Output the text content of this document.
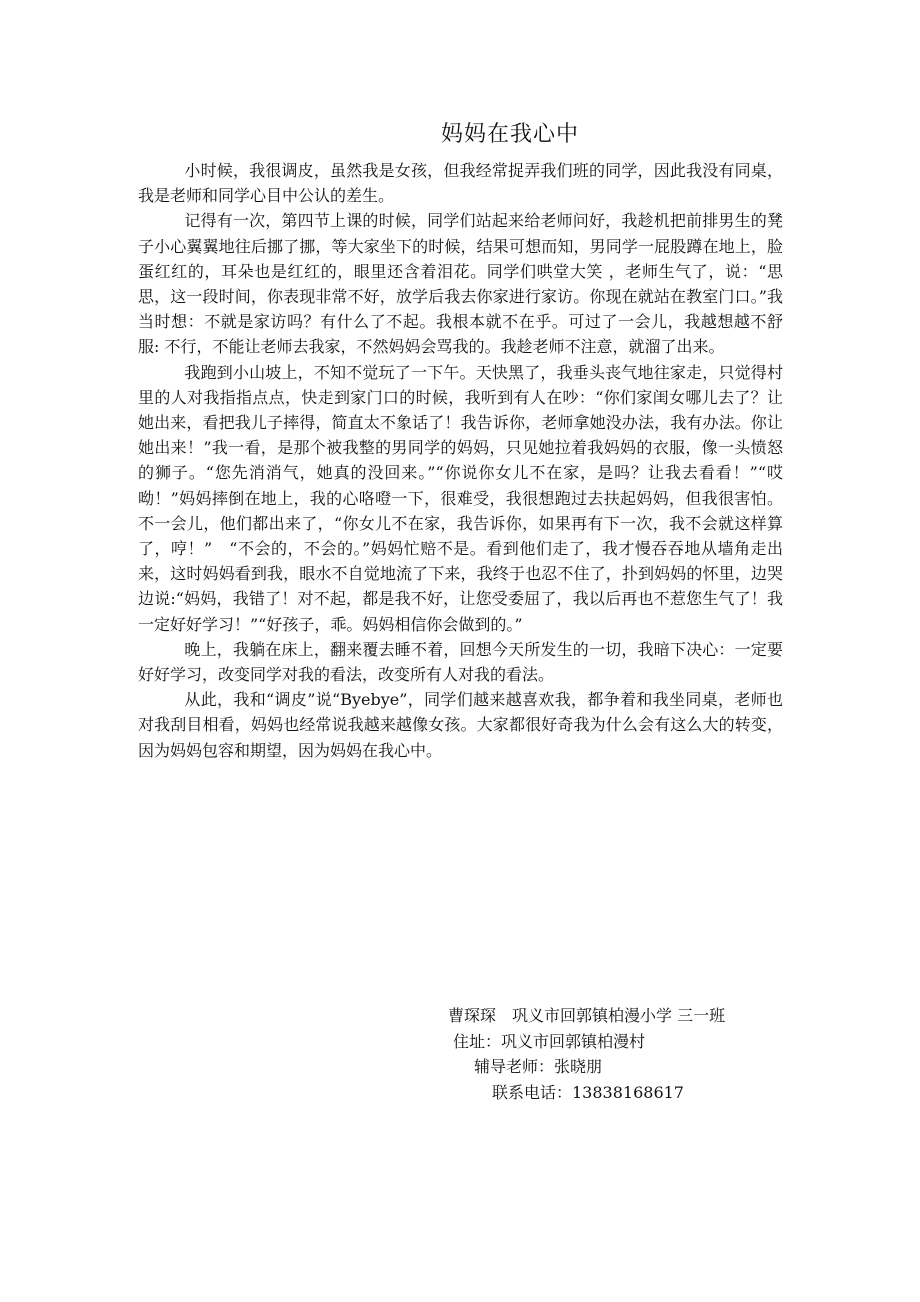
妈妈在我心中

小时候，我很调皮，虽然我是女孩，但我经常捉弄我们班的同学，因此我没有同桌，我是老师和同学心目中公认的差生。

记得有一次，第四节上课的时候，同学们站起来给老师问好，我趁机把前排男生的凳子小心翼翼地往后挪了挪，等大家坐下的时候，结果可想而知，男同学一屁股蹲在地上，脸蛋红红的，耳朵也是红红的，眼里还含着泪花。同学们哄堂大笑 ，老师生气了，说：“思思，这一段时间，你表现非常不好，放学后我去你家进行家访。你现在就站在教室门口。”我当时想：不就是家访吗？有什么了不起。我根本就不在乎。可过了一会儿，我越想越不舒服: 不行，不能让老师去我家，不然妈妈会骂我的。我趁老师不注意，就溜了出来。

我跑到小山坡上，不知不觉玩了一下午。天快黑了，我垂头丧气地往家走，只觉得村里的人对我指指点点，快走到家门口的时候，我听到有人在吵：“你们家闺女哪儿去了？让她出来，看把我儿子摔得，简直太不象话了！我告诉你，老师拿她没办法，我有办法。你让她出来！”我一看，是那个被我整的男同学的妈妈，只见她拉着我妈妈的衣服，像一头愤怒的狮子。“您先消消气，她真的没回来。”“你说你女儿不在家，是吗？让我去看看！”“哎呦！”妈妈摔倒在地上，我的心咯噔一下，很难受，我很想跑过去扶起妈妈，但我很害怕。不一会儿，他们都出来了，“你女儿不在家，我告诉你，如果再有下一次，我不会就这样算了，哼！”　“不会的，不会的。”妈妈忙赔不是。看到他们走了，我才慢吞吞地从墙角走出来，这时妈妈看到我，眼水不自觉地流了下来，我终于也忍不住了，扑到妈妈的怀里，边哭边说:“妈妈，我错了！对不起，都是我不好，让您受委屈了，我以后再也不惹您生气了！我一定好好学习！”“好孩子，乖。妈妈相信你会做到的。”

晚上，我躺在床上，翻来覆去睡不着，回想今天所发生的一切，我暗下决心：一定要好好学习，改变同学对我的看法，改变所有人对我的看法。

从此，我和“调皮”说“Byebye”，同学们越来越喜欢我，都争着和我坐同桌，老师也对我刮目相看，妈妈也经常说我越来越像女孩。大家都很好奇我为什么会有这么大的转变，因为妈妈包容和期望，因为妈妈在我心中。

曹琛琛　巩义市回郭镇柏漫小学 三一班
住址：巩义市回郭镇柏漫村
辅导老师：张晓朋
联系电话：13838168617
